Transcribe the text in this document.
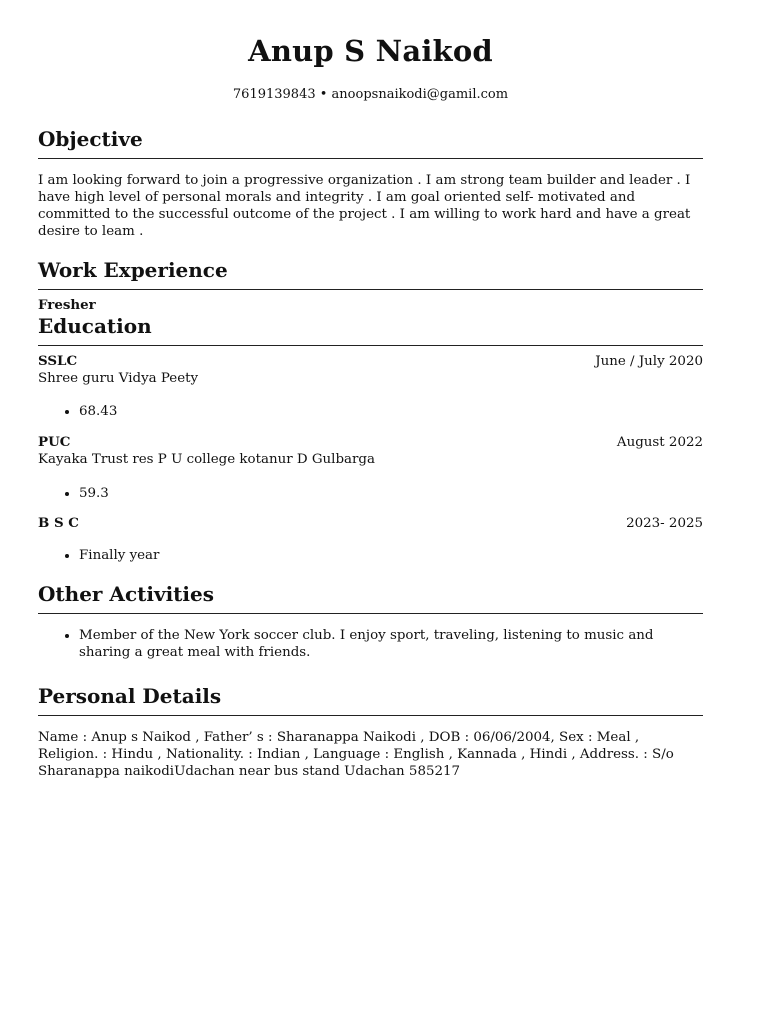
Anup S Naikod
7619139843 • anoopsnaikodi@gamil.com
Objective

I am looking forward to join a progressive organization . I am strong team builder and leader . I have high level of personal morals and integrity . I am goal oriented self- motivated and committed to the successful outcome of the project . I am willing to work hard and have a great desire to leam .

Work Experience
Fresher
Education
SSLC	June / July 2020
Shree guru Vidya Peety
• 68.43
PUC	August 2022
Kayaka Trust res P U college kotanur D Gulbarga
• 59.3
B S C	2023- 2025
• Finally year
Other Activities
• Member of the New York soccer club. I enjoy sport, traveling, listening to music and sharing a great meal with friends.
Personal Details

Name : Anup s Naikod , Father’ s : Sharanappa Naikodi , DOB : 06/06/2004, Sex : Meal , Religion. : Hindu , Nationality. : Indian , Language : English , Kannada , Hindi , Address. : S/o Sharanappa naikodiUdachan near bus stand Udachan 585217
